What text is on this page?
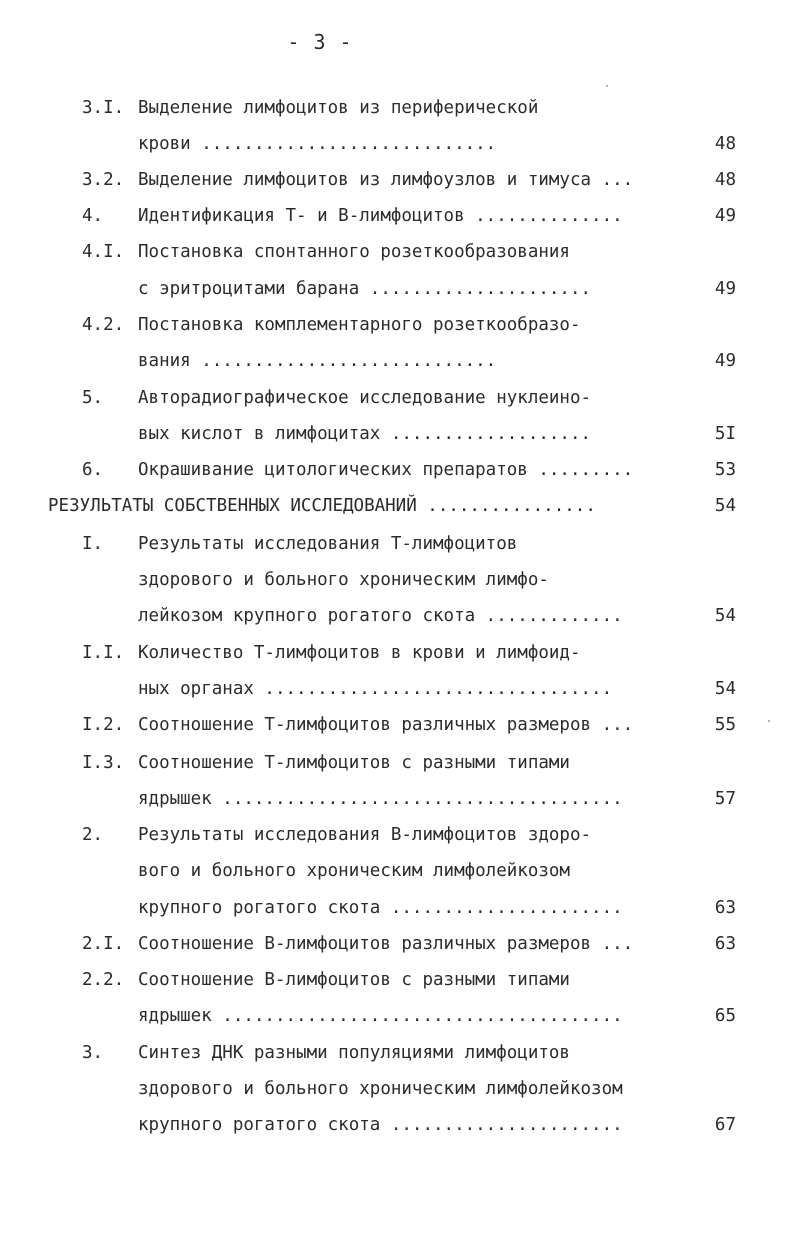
- 3 -
3.I. Выделение лимфоцитов из периферической
крови ............................	48
3.2. Выделение лимфоцитов из лимфоузлов и тимуса ...	48
4. Идентификация Т- и В-лимфоцитов ..............	49
4.I. Постановка спонтанного розеткообразования
с эритроцитами барана .....................	49
4.2. Постановка комплементарного розеткообразо-
вания ............................	49
5. Авторадиографическое исследование нуклеино-
вых кислот в лимфоцитах ...................	5I
6. Окрашивание цитологических препаратов .........	53
РЕЗУЛЬТАТЫ СОБСТВЕННЫХ ИССЛЕДОВАНИЙ ................	54
I. Результаты исследования Т-лимфоцитов
здорового и больного хроническим лимфо-
лейкозом крупного рогатого скота .............	54
I.I. Количество Т-лимфоцитов в крови и лимфоид-
ных органах .................................	54
I.2. Соотношение Т-лимфоцитов различных размеров ...	55
I.3. Соотношение Т-лимфоцитов с разными типами
ядрышек ......................................	57
2. Результаты исследования В-лимфоцитов здоро-
вого и больного хроническим лимфолейкозом
крупного рогатого скота ......................	63
2.I. Соотношение В-лимфоцитов различных размеров ...	63
2.2. Соотношение В-лимфоцитов с разными типами
ядрышек ......................................	65
3. Синтез ДНК разными популяциями лимфоцитов
здорового и больного хроническим лимфолейкозом
крупного рогатого скота ......................	67
